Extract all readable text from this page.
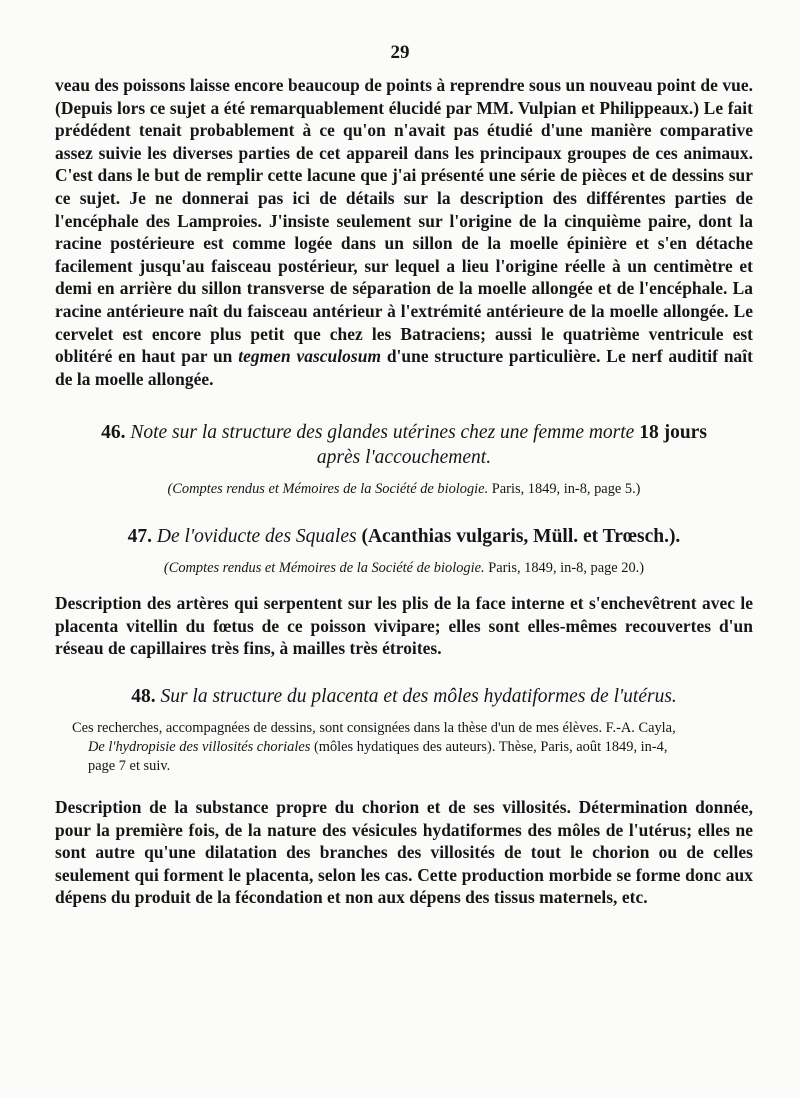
29
veau des poissons laisse encore beaucoup de points à reprendre sous un nouveau point de vue. (Depuis lors ce sujet a été remarquablement élucidé par MM. Vulpian et Philippeaux.) Le fait prédédent tenait probablement à ce qu'on n'avait pas étudié d'une manière comparative assez suivie les diverses parties de cet appareil dans les principaux groupes de ces animaux. C'est dans le but de remplir cette lacune que j'ai présenté une série de pièces et de dessins sur ce sujet. Je ne donnerai pas ici de détails sur la description des différentes parties de l'encéphale des Lamproies. J'insiste seulement sur l'origine de la cinquième paire, dont la racine postérieure est comme logée dans un sillon de la moelle épinière et s'en détache facilement jusqu'au faisceau postérieur, sur lequel a lieu l'origine réelle à un centimètre et demi en arrière du sillon transverse de séparation de la moelle allongée et de l'encéphale. La racine antérieure naît du faisceau antérieur à l'extrémité antérieure de la moelle allongée. Le cervelet est encore plus petit que chez les Batraciens; aussi le quatrième ventricule est oblitéré en haut par un tegmen vasculosum d'une structure particulière. Le nerf auditif naît de la moelle allongée.
46. Note sur la structure des glandes utérines chez une femme morte 18 jours
après l'accouchement.
(Comptes rendus et Mémoires de la Société de biologie. Paris, 1849, in-8, page 5.)
47. De l'oviducte des Squales (Acanthias vulgaris, Müll. et Trœsch.).
(Comptes rendus et Mémoires de la Société de biologie. Paris, 1849, in-8, page 20.)
Description des artères qui serpentent sur les plis de la face interne et s'enchevêtrent avec le placenta vitellin du fœtus de ce poisson vivipare; elles sont elles-mêmes recouvertes d'un réseau de capillaires très fins, à mailles très étroites.
48. Sur la structure du placenta et des môles hydatiformes de l'utérus.
Ces recherches, accompagnées de dessins, sont consignées dans la thèse d'un de mes élèves. F.-A. Cayla,
De l'hydropisie des villosités choriales (môles hydatiques des auteurs). Thèse, Paris, août 1849, in-4,
page 7 et suiv.
Description de la substance propre du chorion et de ses villosités. Détermination donnée, pour la première fois, de la nature des vésicules hydatiformes des môles de l'utérus; elles ne sont autre qu'une dilatation des branches des villosités de tout le chorion ou de celles seulement qui forment le placenta, selon les cas. Cette production morbide se forme donc aux dépens du produit de la fécondation et non aux dépens des tissus maternels, etc.
